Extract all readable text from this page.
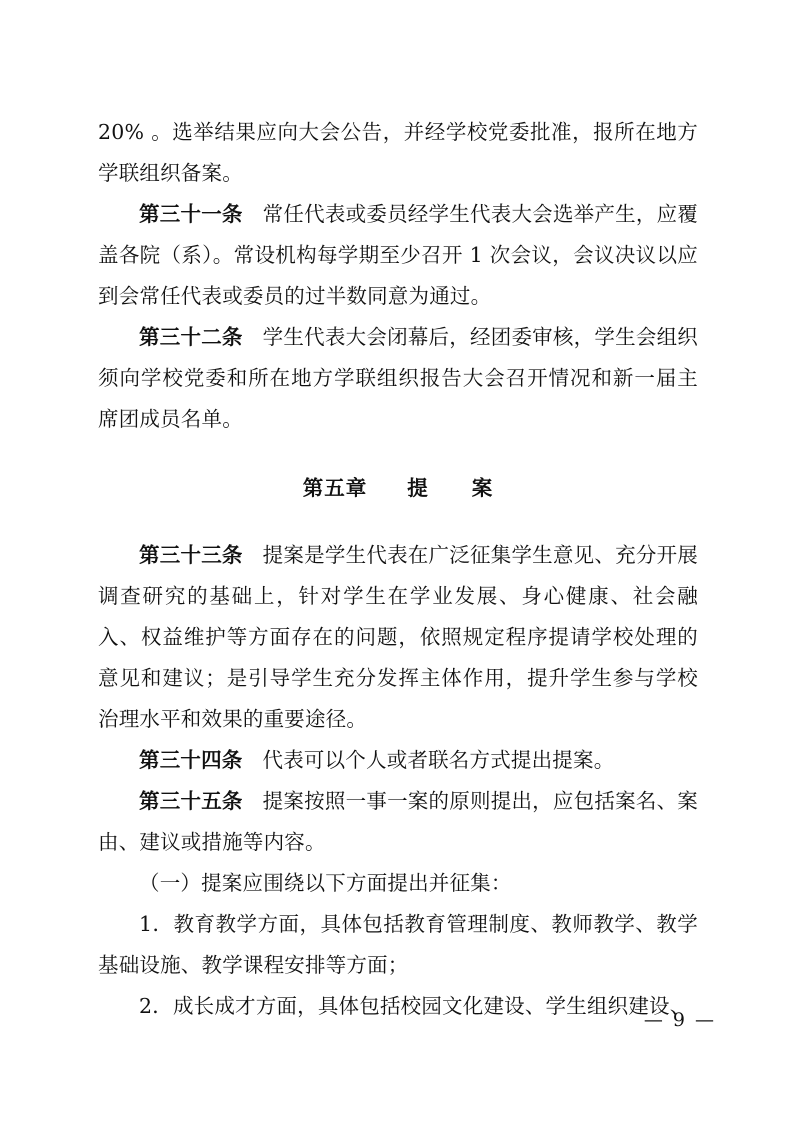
20% 。选举结果应向大会公告，并经学校党委批准，报所在地方学联组织备案。

第三十一条 常任代表或委员经学生代表大会选举产生，应覆盖各院（系）。常设机构每学期至少召开 1 次会议，会议决议以应到会常任代表或委员的过半数同意为通过。

第三十二条 学生代表大会闭幕后，经团委审核，学生会组织须向学校党委和所在地方学联组织报告大会召开情况和新一届主席团成员名单。

第五章 提　　案

第三十三条 提案是学生代表在广泛征集学生意见、充分开展调查研究的基础上，针对学生在学业发展、身心健康、社会融入、权益维护等方面存在的问题，依照规定程序提请学校处理的意见和建议；是引导学生充分发挥主体作用，提升学生参与学校治理水平和效果的重要途径。

第三十四条 代表可以个人或者联名方式提出提案。

第三十五条 提案按照一事一案的原则提出，应包括案名、案由、建议或措施等内容。

（一）提案应围绕以下方面提出并征集：

1．教育教学方面，具体包括教育管理制度、教师教学、教学基础设施、教学课程安排等方面；

2．成长成才方面，具体包括校园文化建设、学生组织建设、

— 9 —
